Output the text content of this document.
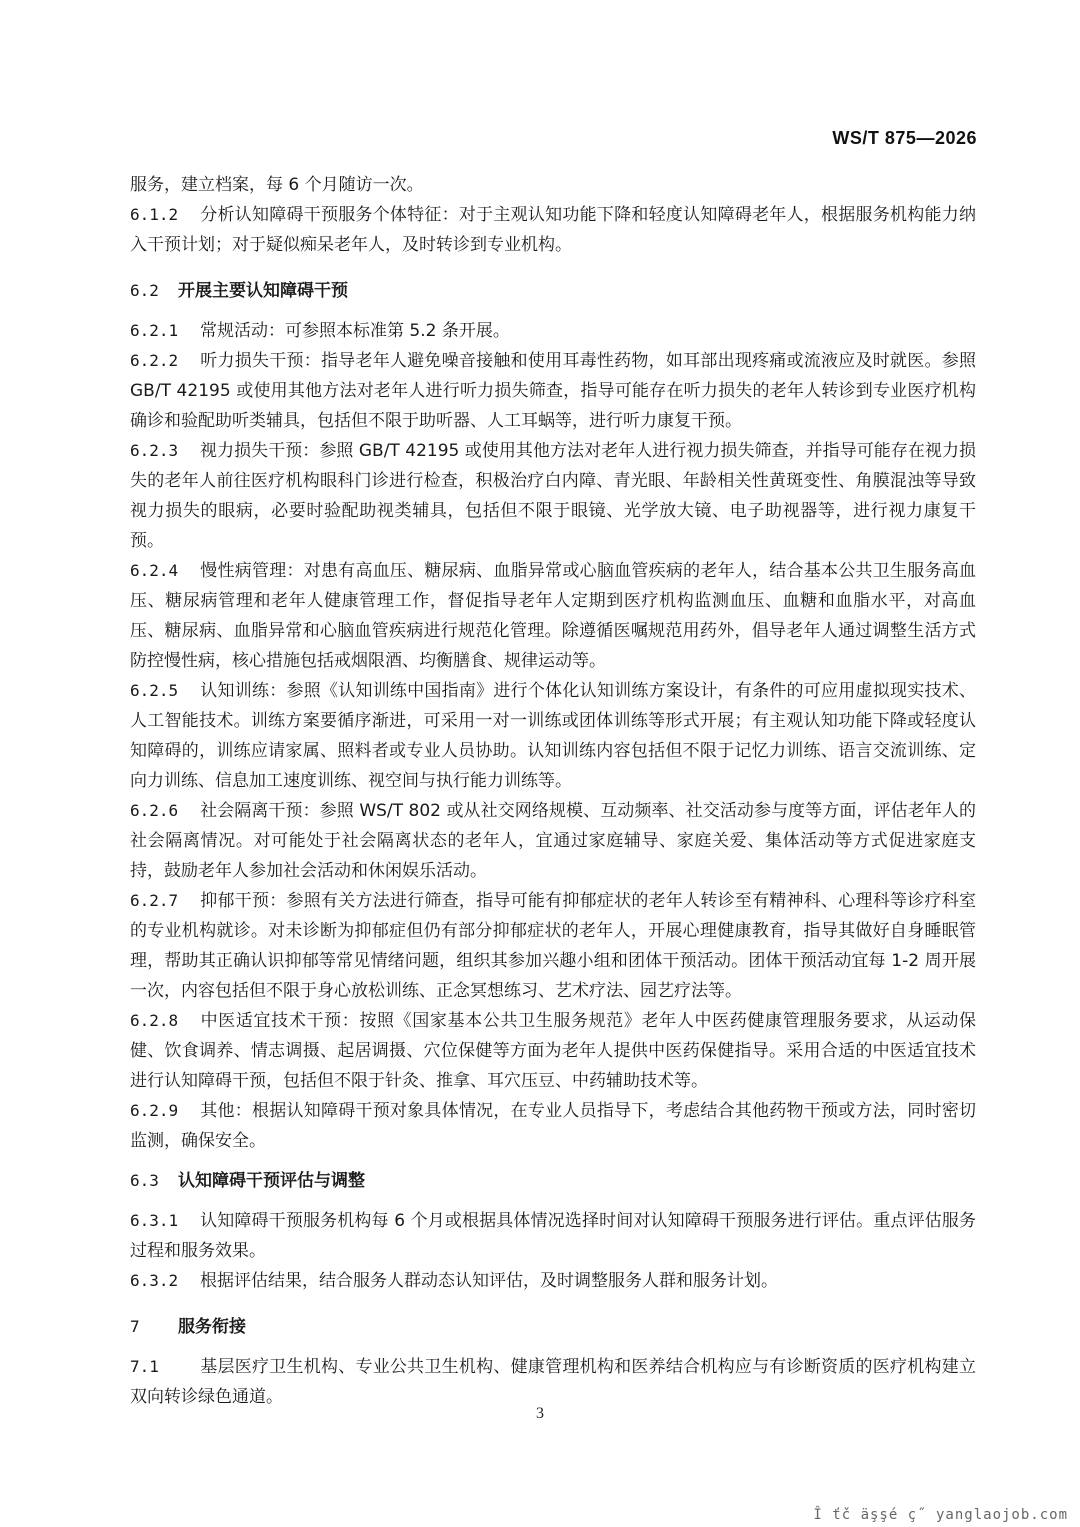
WS/T 875—2026

服务，建立档案，每 6 个月随访一次。

6.1.2 分析认知障碍干预服务个体特征：对于主观认知功能下降和轻度认知障碍老年人，根据服务机构能力纳入干预计划；对于疑似痴呆老年人，及时转诊到专业机构。

6.2 开展主要认知障碍干预

6.2.1 常规活动：可参照本标准第 5.2 条开展。

6.2.2 听力损失干预：指导老年人避免噪音接触和使用耳毒性药物，如耳部出现疼痛或流液应及时就医。参照 GB/T 42195 或使用其他方法对老年人进行听力损失筛查，指导可能存在听力损失的老年人转诊到专业医疗机构确诊和验配助听类辅具，包括但不限于助听器、人工耳蜗等，进行听力康复干预。

6.2.3 视力损失干预：参照 GB/T 42195 或使用其他方法对老年人进行视力损失筛查，并指导可能存在视力损失的老年人前往医疗机构眼科门诊进行检查，积极治疗白内障、青光眼、年龄相关性黄斑变性、角膜混浊等导致视力损失的眼病，必要时验配助视类辅具，包括但不限于眼镜、光学放大镜、电子助视器等，进行视力康复干预。

6.2.4 慢性病管理：对患有高血压、糖尿病、血脂异常或心脑血管疾病的老年人，结合基本公共卫生服务高血压、糖尿病管理和老年人健康管理工作，督促指导老年人定期到医疗机构监测血压、血糖和血脂水平，对高血压、糖尿病、血脂异常和心脑血管疾病进行规范化管理。除遵循医嘱规范用药外，倡导老年人通过调整生活方式防控慢性病，核心措施包括戒烟限酒、均衡膳食、规律运动等。

6.2.5 认知训练：参照《认知训练中国指南》进行个体化认知训练方案设计，有条件的可应用虚拟现实技术、人工智能技术。训练方案要循序渐进，可采用一对一训练或团体训练等形式开展；有主观认知功能下降或轻度认知障碍的，训练应请家属、照料者或专业人员协助。认知训练内容包括但不限于记忆力训练、语言交流训练、定向力训练、信息加工速度训练、视空间与执行能力训练等。

6.2.6 社会隔离干预：参照 WS/T 802 或从社交网络规模、互动频率、社交活动参与度等方面，评估老年人的社会隔离情况。对可能处于社会隔离状态的老年人，宜通过家庭辅导、家庭关爱、集体活动等方式促进家庭支持，鼓励老年人参加社会活动和休闲娱乐活动。

6.2.7 抑郁干预：参照有关方法进行筛查，指导可能有抑郁症状的老年人转诊至有精神科、心理科等诊疗科室的专业机构就诊。对未诊断为抑郁症但仍有部分抑郁症状的老年人，开展心理健康教育，指导其做好自身睡眠管理，帮助其正确认识抑郁等常见情绪问题，组织其参加兴趣小组和团体干预活动。团体干预活动宜每 1-2 周开展一次，内容包括但不限于身心放松训练、正念冥想练习、艺术疗法、园艺疗法等。

6.2.8 中医适宜技术干预：按照《国家基本公共卫生服务规范》老年人中医药健康管理服务要求，从运动保健、饮食调养、情志调摄、起居调摄、穴位保健等方面为老年人提供中医药保健指导。采用合适的中医适宜技术进行认知障碍干预，包括但不限于针灸、推拿、耳穴压豆、中药辅助技术等。

6.2.9 其他：根据认知障碍干预对象具体情况，在专业人员指导下，考虑结合其他药物干预或方法，同时密切监测，确保安全。

6.3 认知障碍干预评估与调整

6.3.1 认知障碍干预服务机构每 6 个月或根据具体情况选择时间对认知障碍干预服务进行评估。重点评估服务过程和服务效果。

6.3.2 根据评估结果，结合服务人群动态认知评估，及时调整服务人群和服务计划。

7 服务衔接

7.1 基层医疗卫生机构、专业公共卫生机构、健康管理机构和医养结合机构应与有诊断资质的医疗机构建立双向转诊绿色通道。

3
Î ťč äşşé ç˝ yanglaojob.com
